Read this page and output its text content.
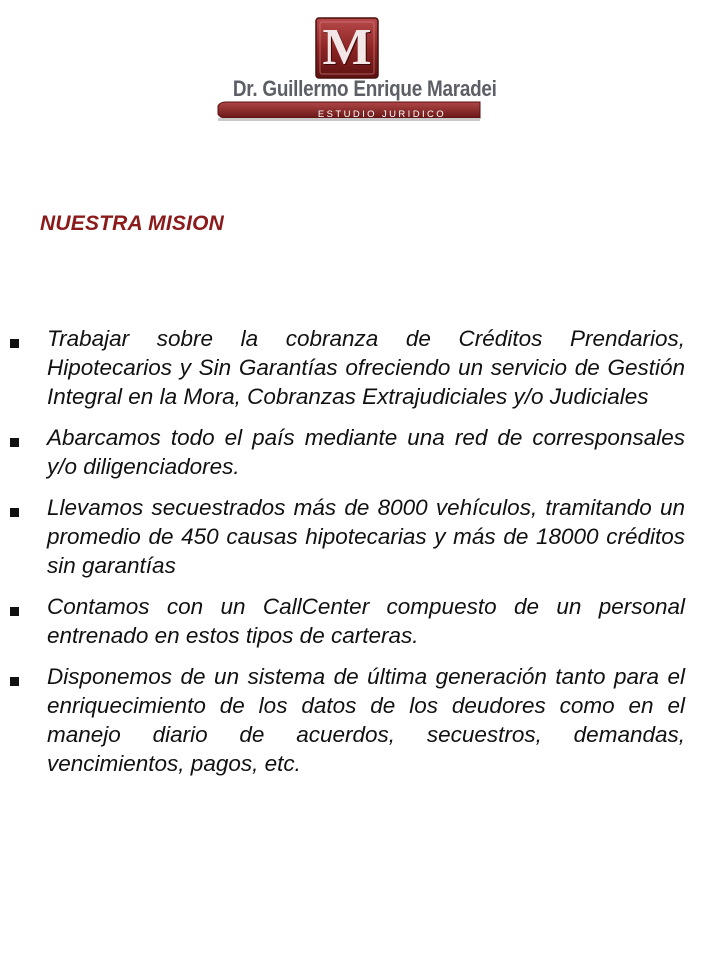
M
Dr. Guillermo Enrique Maradei
ESTUDIO JURIDICO
NUESTRA MISION
Trabajar sobre la cobranza de Créditos Prendarios, Hipotecarios y Sin Garantías ofreciendo un servicio de Gestión Integral en la Mora, Cobranzas Extrajudiciales y/o Judiciales
Abarcamos todo el país mediante una red de corresponsales y/o diligenciadores.
Llevamos secuestrados más de 8000 vehículos, tramitando un promedio de 450 causas hipotecarias y más de 18000 créditos sin garantías
Contamos con un CallCenter compuesto de un personal entrenado en estos tipos de carteras.
Disponemos de un sistema de última generación tanto para el enriquecimiento de los datos de los deudores como en el manejo diario de acuerdos, secuestros, demandas, vencimientos, pagos, etc.
